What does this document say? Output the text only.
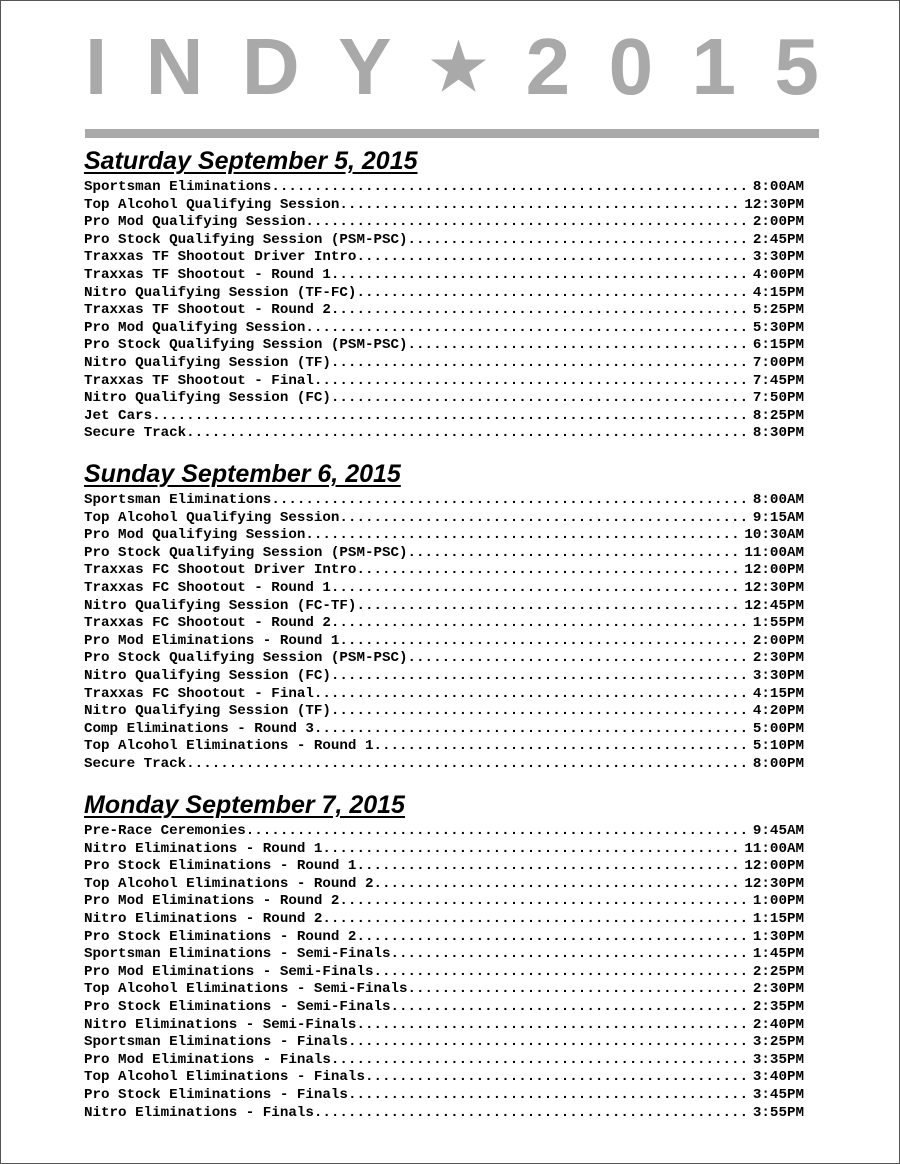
I N D Y ★ 2 0 1 5
Saturday September 5, 2015
Sportsman Eliminations .....	8:00AM
Top Alcohol Qualifying Session .....	12:30PM
Pro Mod Qualifying Session .....	2:00PM
Pro Stock Qualifying Session (PSM-PSC) .....	2:45PM
Traxxas TF Shootout Driver Intro .....	3:30PM
Traxxas TF Shootout - Round 1 .....	4:00PM
Nitro Qualifying Session (TF-FC) .....	4:15PM
Traxxas TF Shootout - Round 2 .....	5:25PM
Pro Mod Qualifying Session .....	5:30PM
Pro Stock Qualifying Session (PSM-PSC) .....	6:15PM
Nitro Qualifying Session (TF) .....	7:00PM
Traxxas TF Shootout - Final .....	7:45PM
Nitro Qualifying Session (FC) .....	7:50PM
Jet Cars .....	8:25PM
Secure Track .....	8:30PM
Sunday September 6, 2015
Sportsman Eliminations .....	8:00AM
Top Alcohol Qualifying Session .....	9:15AM
Pro Mod Qualifying Session .....	10:30AM
Pro Stock Qualifying Session (PSM-PSC) .....	11:00AM
Traxxas FC Shootout Driver Intro .....	12:00PM
Traxxas FC Shootout - Round 1 .....	12:30PM
Nitro Qualifying Session (FC-TF) .....	12:45PM
Traxxas FC Shootout - Round 2 .....	1:55PM
Pro Mod Eliminations - Round 1 .....	2:00PM
Pro Stock Qualifying Session (PSM-PSC) .....	2:30PM
Nitro Qualifying Session (FC) .....	3:30PM
Traxxas FC Shootout - Final .....	4:15PM
Nitro Qualifying Session (TF) .....	4:20PM
Comp Eliminations - Round 3 .....	5:00PM
Top Alcohol Eliminations - Round 1 .....	5:10PM
Secure Track .....	8:00PM
Monday September 7, 2015
Pre-Race Ceremonies .....	9:45AM
Nitro Eliminations - Round 1 .....	11:00AM
Pro Stock Eliminations - Round 1 .....	12:00PM
Top Alcohol Eliminations - Round 2 .....	12:30PM
Pro Mod Eliminations - Round 2 .....	1:00PM
Nitro Eliminations - Round 2 .....	1:15PM
Pro Stock Eliminations - Round 2 .....	1:30PM
Sportsman Eliminations - Semi-Finals .....	1:45PM
Pro Mod Eliminations - Semi-Finals .....	2:25PM
Top Alcohol Eliminations - Semi-Finals .....	2:30PM
Pro Stock Eliminations - Semi-Finals .....	2:35PM
Nitro Eliminations - Semi-Finals .....	2:40PM
Sportsman Eliminations - Finals .....	3:25PM
Pro Mod Eliminations - Finals .....	3:35PM
Top Alcohol Eliminations - Finals .....	3:40PM
Pro Stock Eliminations - Finals .....	3:45PM
Nitro Eliminations - Finals .....	3:55PM
